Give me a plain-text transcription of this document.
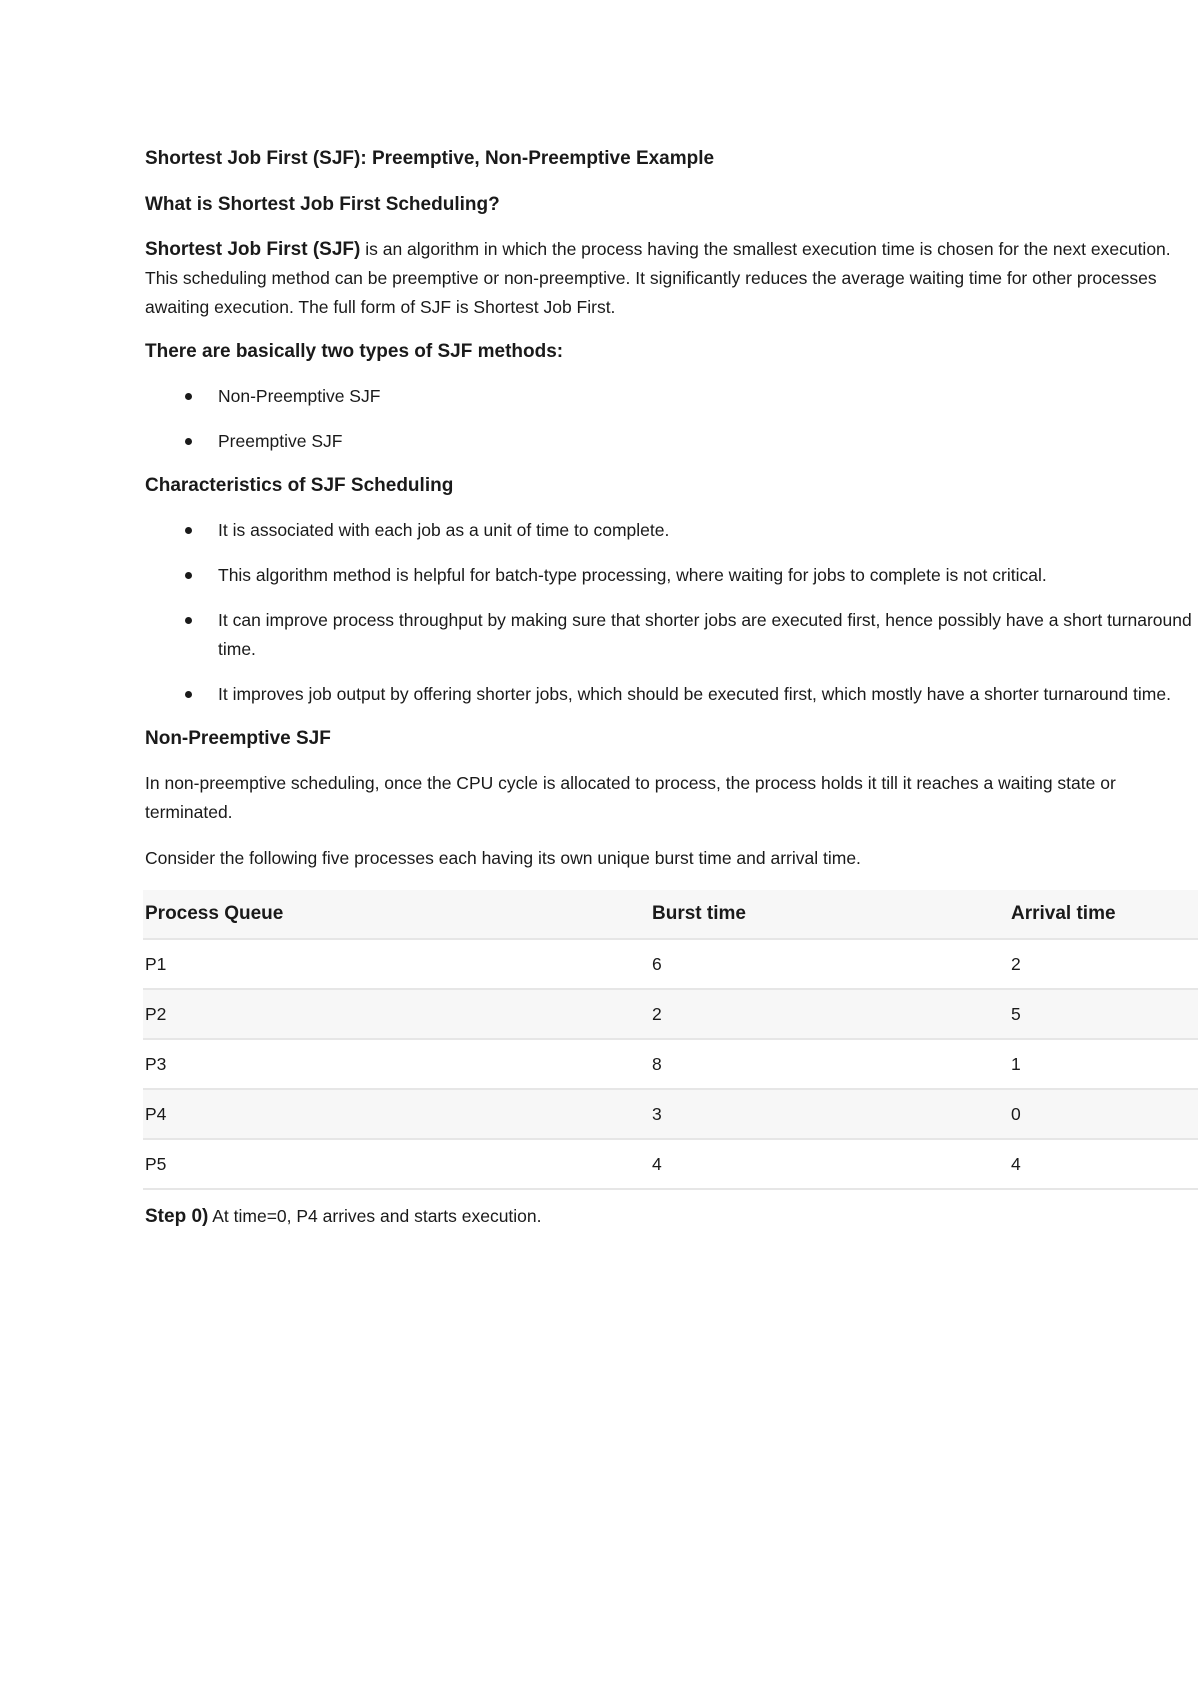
Shortest Job First (SJF): Preemptive, Non-Preemptive Example
What is Shortest Job First Scheduling?

Shortest Job First (SJF) is an algorithm in which the process having the smallest execution time is chosen for the next execution. This scheduling method can be preemptive or non-preemptive. It significantly reduces the average waiting time for other processes awaiting execution. The full form of SJF is Shortest Job First.

There are basically two types of SJF methods:
Non-Preemptive SJF
Preemptive SJF
Characteristics of SJF Scheduling
It is associated with each job as a unit of time to complete.
This algorithm method is helpful for batch-type processing, where waiting for jobs to complete is not critical.
It can improve process throughput by making sure that shorter jobs are executed first, hence possibly have a short turnaround time.
It improves job output by offering shorter jobs, which should be executed first, which mostly have a shorter turnaround time.
Non-Preemptive SJF

In non-preemptive scheduling, once the CPU cycle is allocated to process, the process holds it till it reaches a waiting state or terminated.

Consider the following five processes each having its own unique burst time and arrival time.

Process Queue	Burst time	Arrival time
P1	6	2
P2	2	5
P3	8	1
P4	3	0
P5	4	4

Step 0) At time=0, P4 arrives and starts execution.
